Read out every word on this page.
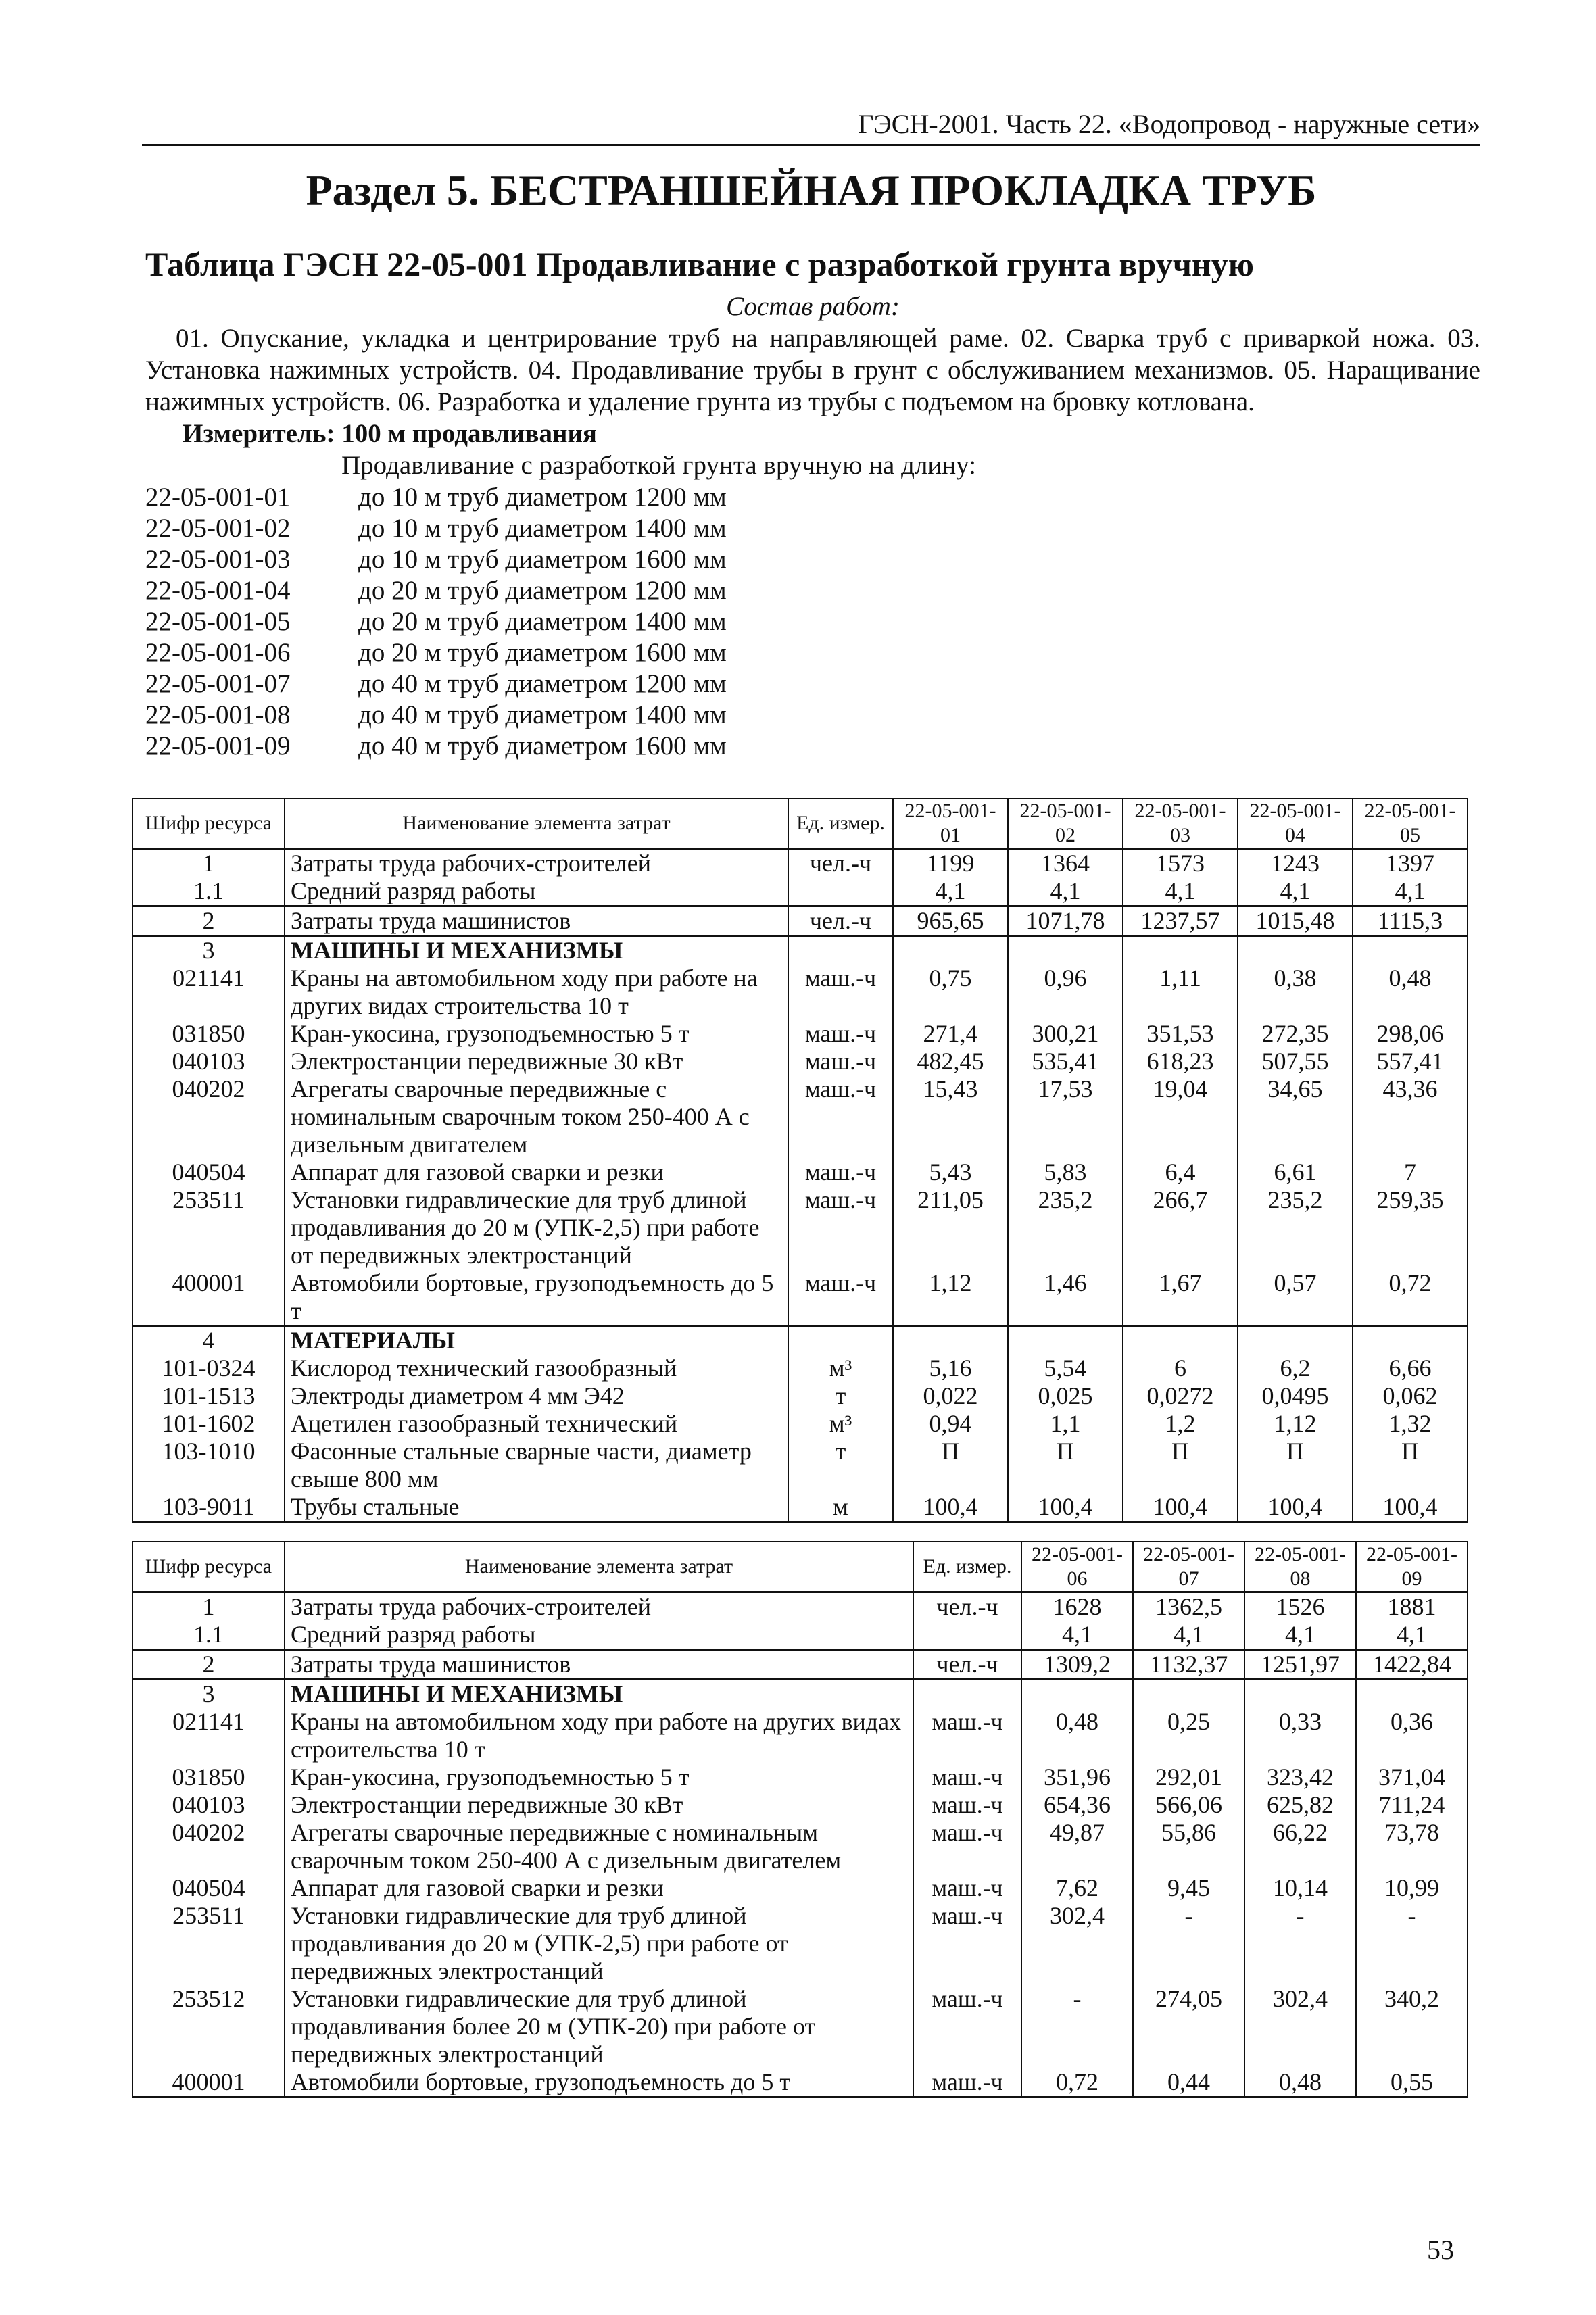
ГЭСН-2001. Часть 22. «Водопровод - наружные сети»
Раздел 5. БЕСТРАНШЕЙНАЯ ПРОКЛАДКА ТРУБ
Таблица ГЭСН 22-05-001 Продавливание с разработкой грунта вручную
Состав работ:
01. Опускание, укладка и центрирование труб на направляющей раме. 02. Сварка труб с приваркой ножа. 03. Установка нажимных устройств. 04. Продавливание трубы в грунт с обслуживанием механизмов. 05. Наращивание нажимных устройств. 06. Разработка и удаление грунта из трубы с подъемом на бровку котлована.
Измеритель: 100 м продавливания
Продавливание с разработкой грунта вручную на длину:
22-05-001-01	до 10 м труб диаметром 1200 мм
22-05-001-02	до 10 м труб диаметром 1400 мм
22-05-001-03	до 10 м труб диаметром 1600 мм
22-05-001-04	до 20 м труб диаметром 1200 мм
22-05-001-05	до 20 м труб диаметром 1400 мм
22-05-001-06	до 20 м труб диаметром 1600 мм
22-05-001-07	до 40 м труб диаметром 1200 мм
22-05-001-08	до 40 м труб диаметром 1400 мм
22-05-001-09	до 40 м труб диаметром 1600 мм
Шифр ресурса	Наименование элемента затрат	Ед. измер.	22-05-001-01	22-05-001-02	22-05-001-03	22-05-001-04	22-05-001-05
1	Затраты труда рабочих-строителей	чел.-ч	1199	1364	1573	1243	1397
1.1	Средний разряд работы		4,1	4,1	4,1	4,1	4,1
2	Затраты труда машинистов	чел.-ч	965,65	1071,78	1237,57	1015,48	1115,3
3	МАШИНЫ И МЕХАНИЗМЫ						
021141	Краны на автомобильном ходу при работе на других видах строительства 10 т	маш.-ч	0,75	0,96	1,11	0,38	0,48
031850	Кран-укосина, грузоподъемностью 5 т	маш.-ч	271,4	300,21	351,53	272,35	298,06
040103	Электростанции передвижные 30 кВт	маш.-ч	482,45	535,41	618,23	507,55	557,41
040202	Агрегаты сварочные передвижные с номинальным сварочным током 250-400 А с дизельным двигателем	маш.-ч	15,43	17,53	19,04	34,65	43,36
040504	Аппарат для газовой сварки и резки	маш.-ч	5,43	5,83	6,4	6,61	7
253511	Установки гидравлические для труб длиной продавливания до 20 м (УПК-2,5) при работе от передвижных электростанций	маш.-ч	211,05	235,2	266,7	235,2	259,35
400001	Автомобили бортовые, грузоподъемность до 5 т	маш.-ч	1,12	1,46	1,67	0,57	0,72
4	МАТЕРИАЛЫ						
101-0324	Кислород технический газообразный	м³	5,16	5,54	6	6,2	6,66
101-1513	Электроды диаметром 4 мм Э42	т	0,022	0,025	0,0272	0,0495	0,062
101-1602	Ацетилен газообразный технический	м³	0,94	1,1	1,2	1,12	1,32
103-1010	Фасонные стальные сварные части, диаметр свыше 800 мм	т	П	П	П	П	П
103-9011	Трубы стальные	м	100,4	100,4	100,4	100,4	100,4
Шифр ресурса	Наименование элемента затрат	Ед. измер.	22-05-001-06	22-05-001-07	22-05-001-08	22-05-001-09
1	Затраты труда рабочих-строителей	чел.-ч	1628	1362,5	1526	1881
1.1	Средний разряд работы		4,1	4,1	4,1	4,1
2	Затраты труда машинистов	чел.-ч	1309,2	1132,37	1251,97	1422,84
3	МАШИНЫ И МЕХАНИЗМЫ					
021141	Краны на автомобильном ходу при работе на других видах строительства 10 т	маш.-ч	0,48	0,25	0,33	0,36
031850	Кран-укосина, грузоподъемностью 5 т	маш.-ч	351,96	292,01	323,42	371,04
040103	Электростанции передвижные 30 кВт	маш.-ч	654,36	566,06	625,82	711,24
040202	Агрегаты сварочные передвижные с номинальным сварочным током 250-400 А с дизельным двигателем	маш.-ч	49,87	55,86	66,22	73,78
040504	Аппарат для газовой сварки и резки	маш.-ч	7,62	9,45	10,14	10,99
253511	Установки гидравлические для труб длиной продавливания до 20 м (УПК-2,5) при работе от передвижных электростанций	маш.-ч	302,4	-	-	-
253512	Установки гидравлические для труб длиной продавливания более 20 м (УПК-20) при работе от передвижных электростанций	маш.-ч	-	274,05	302,4	340,2
400001	Автомобили бортовые, грузоподъемность до 5 т	маш.-ч	0,72	0,44	0,48	0,55
53
